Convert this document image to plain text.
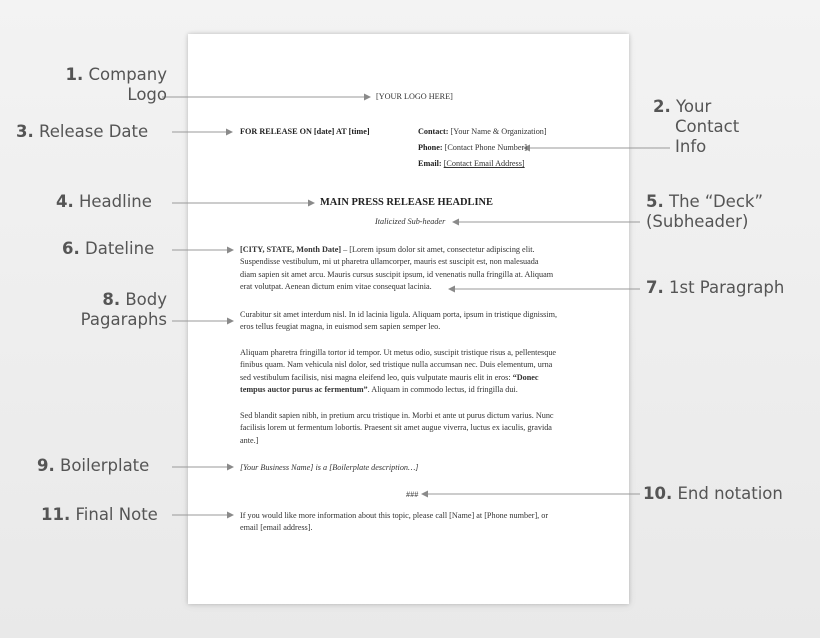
1. Company
Logo
2. Your
Contact
Info
3. Release Date
4. Headline	5. The “Deck”
(Subheader)
6. Dateline
7. 1st Paragraph
8. Body
Pagaraphs
9. Boilerplate
10. End notation
11. Final Note
[YOUR LOGO HERE]
FOR RELEASE ON [date] AT [time]	Contact: [Your Name & Organization]
Phone: [Contact Phone Number]
Email: [Contact Email Address]
MAIN PRESS RELEASE HEADLINE
Italicized Sub-header
[CITY, STATE, Month Date] – [Lorem ipsum dolor sit amet, consectetur adipiscing elit.
Suspendisse vestibulum, mi ut pharetra ullamcorper, mauris est suscipit est, non malesuada
diam sapien sit amet arcu. Mauris cursus suscipit ipsum, id venenatis nulla fringilla at. Aliquam
erat volutpat. Aenean dictum enim vitae consequat lacinia.
Curabitur sit amet interdum nisl. In id lacinia ligula. Aliquam porta, ipsum in tristique dignissim,
eros tellus feugiat magna, in euismod sem sapien semper leo.
Aliquam pharetra fringilla tortor id tempor. Ut metus odio, suscipit tristique risus a, pellentesque
finibus quam. Nam vehicula nisl dolor, sed tristique nulla accumsan nec. Duis elementum, urna
sed vestibulum facilisis, nisi magna eleifend leo, quis vulputate mauris elit in eros: “Donec
tempus auctor purus ac fermentum”. Aliquam in commodo lectus, id fringilla dui.
Sed blandit sapien nibh, in pretium arcu tristique in. Morbi et ante ut purus dictum varius. Nunc
facilisis lorem ut fermentum lobortis. Praesent sit amet augue viverra, luctus ex iaculis, gravida
ante.]
[Your Business Name] is a [Boilerplate description…]
###
If you would like more information about this topic, please call [Name] at [Phone number], or
email [email address].
